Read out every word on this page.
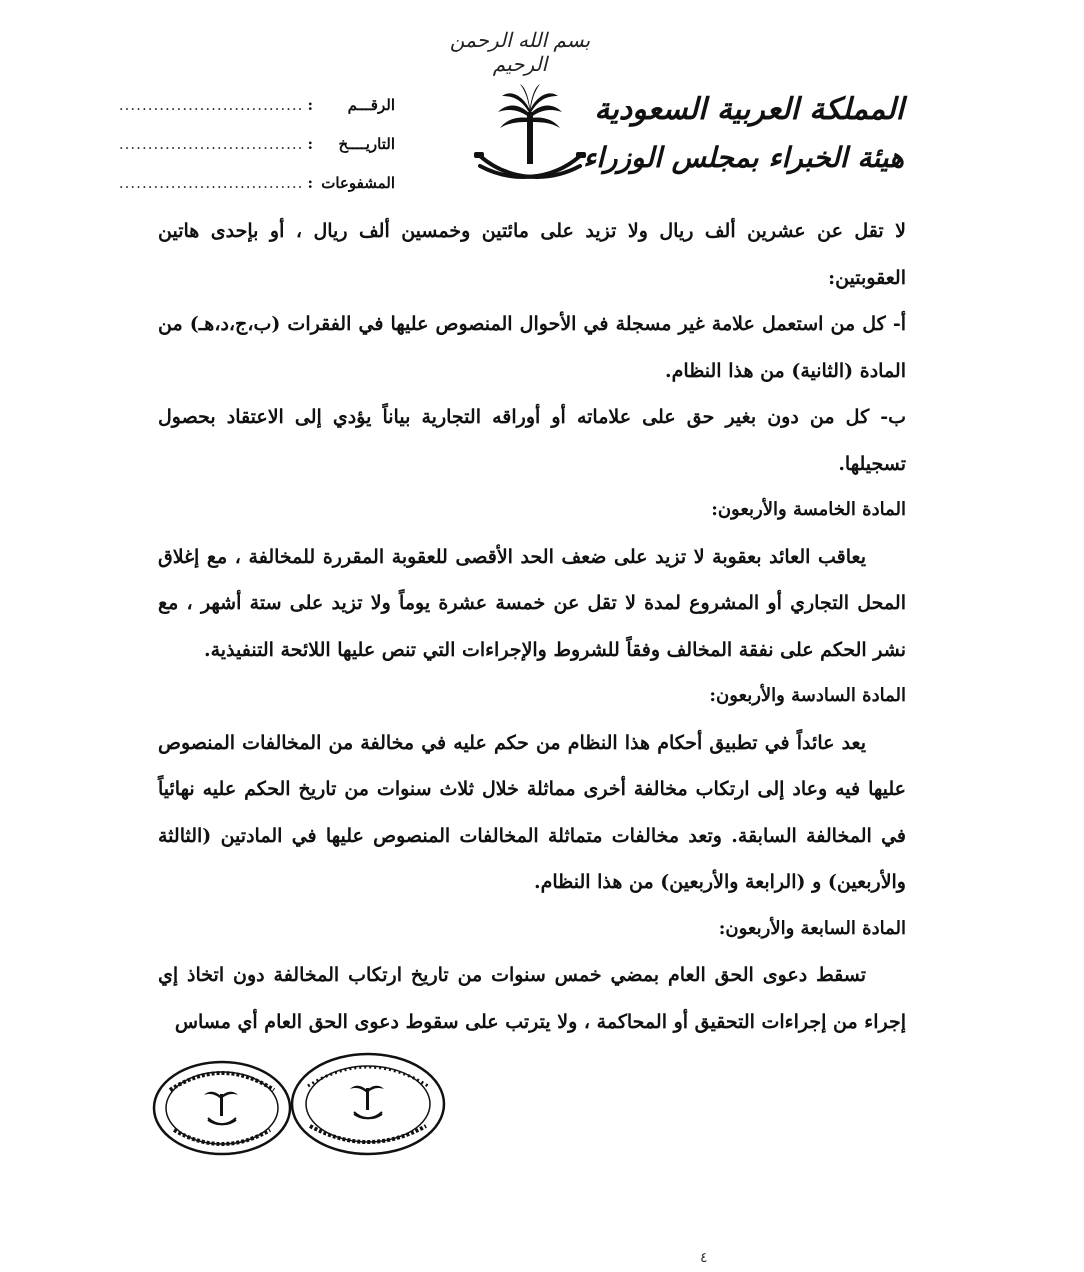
بسم الله الرحمن الرحيم
المملكة العربية السعودية
هيئة الخبراء بمجلس الوزراء
الرقـــم
:
................................
التاريــــخ
:
................................
المشفوعات
:
................................

لا تقل عن عشرين ألف ريال ولا تزيد على مائتين وخمسين ألف ريال ، أو بإحدى هاتين العقوبتين:

أ- كل من استعمل علامة غير مسجلة في الأحوال المنصوص عليها في الفقرات (ب،ج،د،هـ) من المادة (الثانية) من هذا النظام.

ب- كل من دون بغير حق على علاماته أو أوراقه التجارية بياناً يؤدي إلى الاعتقاد بحصول تسجيلها.

المادة الخامسة والأربعون:

يعاقب العائد بعقوبة لا تزيد على ضعف الحد الأقصى للعقوبة المقررة للمخالفة ، مع إغلاق المحل التجاري أو المشروع لمدة لا تقل عن خمسة عشرة يوماً ولا تزيد على ستة أشهر ، مع نشر الحكم على نفقة المخالف وفقاً للشروط والإجراءات التي تنص عليها اللائحة التنفيذية.

المادة السادسة والأربعون:

يعد عائداً في تطبيق أحكام هذا النظام من حكم عليه في مخالفة من المخالفات المنصوص عليها فيه وعاد إلى ارتكاب مخالفة أخرى مماثلة خلال ثلاث سنوات من تاريخ الحكم عليه نهائياً في المخالفة السابقة. وتعد مخالفات متماثلة المخالفات المنصوص عليها في المادتين (الثالثة والأربعين) و (الرابعة والأربعين) من هذا النظام.

المادة السابعة والأربعون:

تسقط دعوى الحق العام بمضي خمس سنوات من تاريخ ارتكاب المخالفة دون اتخاذ إي إجراء من إجراءات التحقيق أو المحاكمة ، ولا يترتب على سقوط دعوى الحق العام أي مساس

٤
